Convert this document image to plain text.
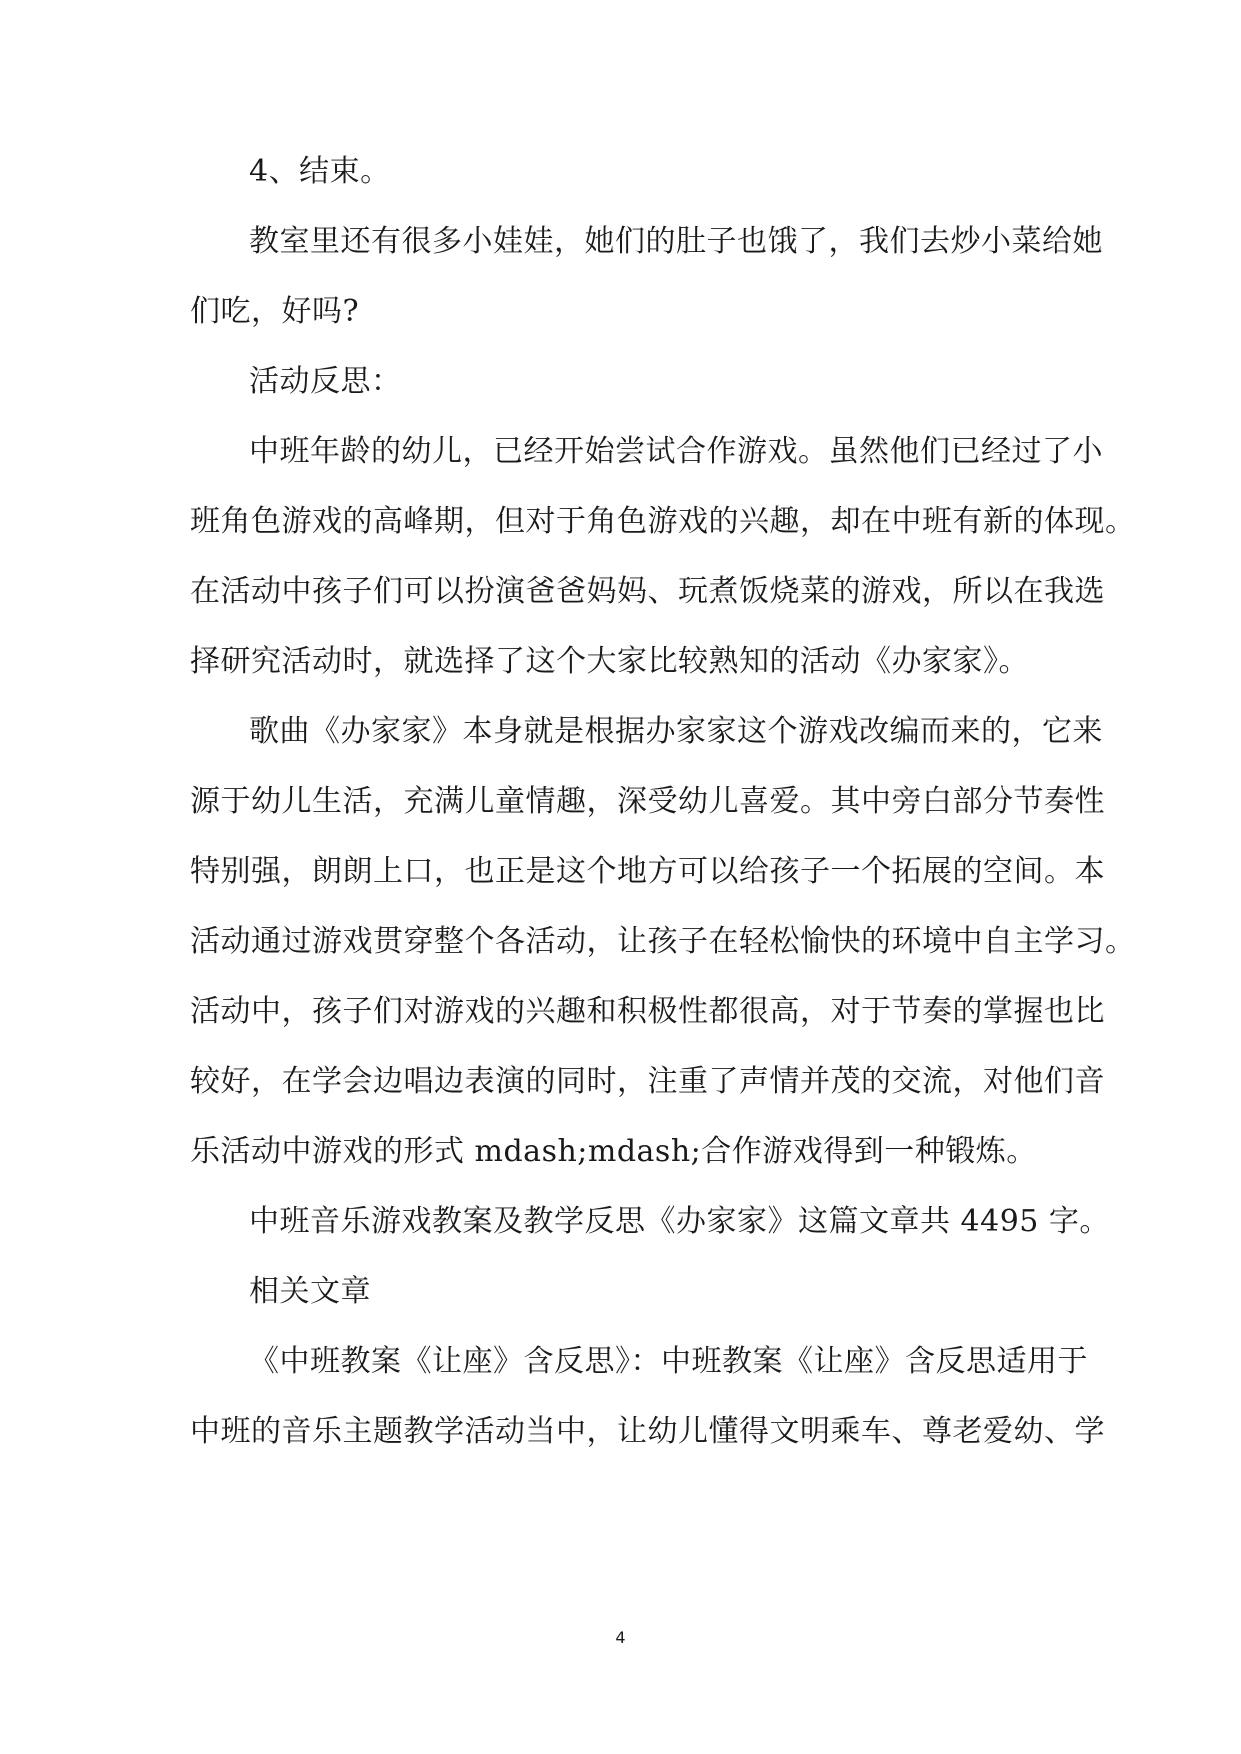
4、结束。
教室里还有很多小娃娃，她们的肚子也饿了，我们去炒小菜给她
们吃，好吗?
活动反思：
中班年龄的幼儿，已经开始尝试合作游戏。虽然他们已经过了小
班角色游戏的高峰期，但对于角色游戏的兴趣，却在中班有新的体现。
在活动中孩子们可以扮演爸爸妈妈、玩煮饭烧菜的游戏，所以在我选
择研究活动时，就选择了这个大家比较熟知的活动《办家家》。
歌曲《办家家》本身就是根据办家家这个游戏改编而来的，它来
源于幼儿生活，充满儿童情趣，深受幼儿喜爱。其中旁白部分节奏性
特别强，朗朗上口，也正是这个地方可以给孩子一个拓展的空间。本
活动通过游戏贯穿整个各活动，让孩子在轻松愉快的环境中自主学习。
活动中，孩子们对游戏的兴趣和积极性都很高，对于节奏的掌握也比
较好，在学会边唱边表演的同时，注重了声情并茂的交流，对他们音
乐活动中游戏的形式 mdash;mdash;合作游戏得到一种锻炼。
中班音乐游戏教案及教学反思《办家家》这篇文章共 4495 字。
相关文章
《中班教案《让座》含反思》：中班教案《让座》含反思适用于
中班的音乐主题教学活动当中，让幼儿懂得文明乘车、尊老爱幼、学
4
